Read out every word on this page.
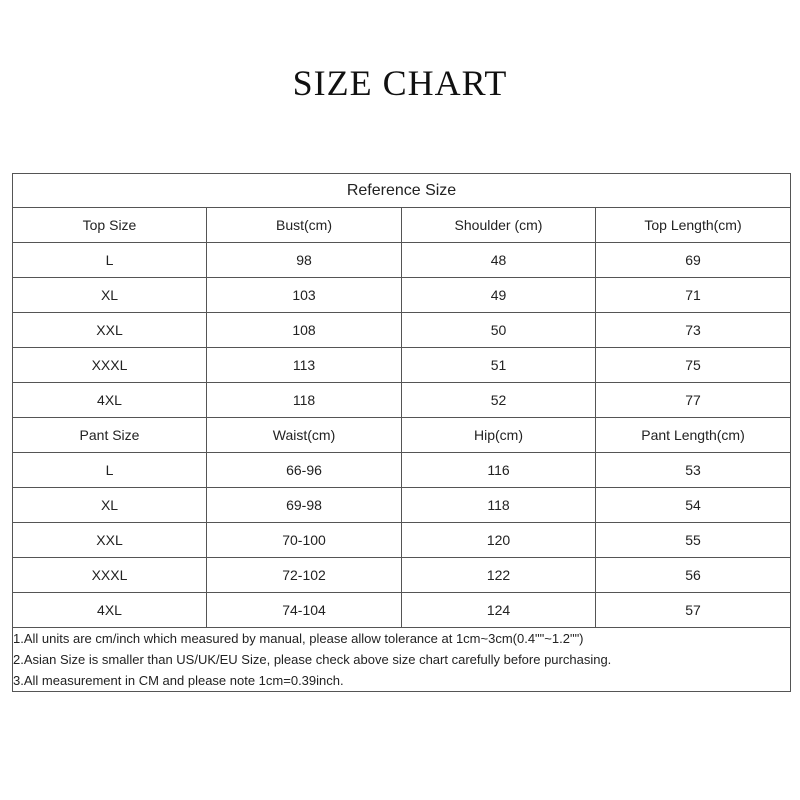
SIZE CHART
Reference Size			
Top Size	Bust(cm)	Shoulder (cm)	Top Length(cm)
L	98	48	69
XL	103	49	71
XXL	108	50	73
XXXL	113	51	75
4XL	118	52	77
Pant Size	Waist(cm)	Hip(cm)	Pant Length(cm)
L	66-96	116	53
XL	69-98	118	54
XXL	70-100	120	55
XXXL	72-102	122	56
4XL	74-104	124	57

1.All units are cm/inch which measured by manual, please allow tolerance at 1cm~3cm(0.4""~1.2"")
2.Asian Size is smaller than US/UK/EU Size, please check above size chart carefully before purchasing.
3.All measurement in CM and please note 1cm=0.39inch.			
